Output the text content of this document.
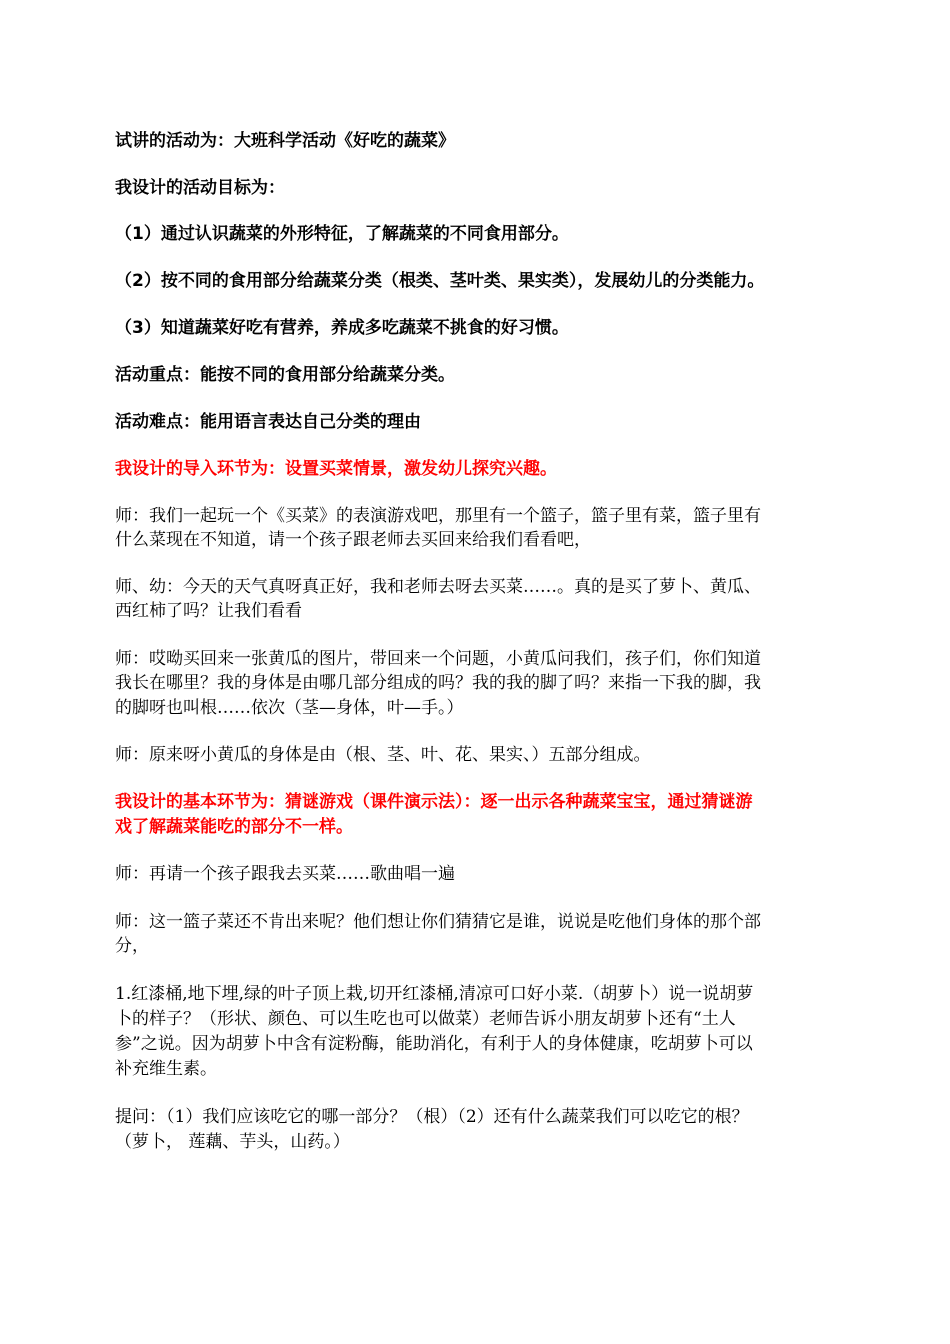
试讲的活动为：大班科学活动《好吃的蔬菜》
我设计的活动目标为：
（1）通过认识蔬菜的外形特征，了解蔬菜的不同食用部分。
（2）按不同的食用部分给蔬菜分类（根类、茎叶类、果实类），发展幼儿的分类能力。
（3）知道蔬菜好吃有营养，养成多吃蔬菜不挑食的好习惯。
活动重点：能按不同的食用部分给蔬菜分类。
活动难点：能用语言表达自己分类的理由
我设计的导入环节为：设置买菜情景，激发幼儿探究兴趣。
师：我们一起玩一个《买菜》的表演游戏吧，那里有一个篮子，篮子里有菜，篮子里有
什么菜现在不知道，请一个孩子跟老师去买回来给我们看看吧，
师、幼：今天的天气真呀真正好，我和老师去呀去买菜……。真的是买了萝卜、黄瓜、
西红柿了吗？让我们看看
师：哎呦买回来一张黄瓜的图片，带回来一个问题，小黄瓜问我们，孩子们，你们知道
我长在哪里？我的身体是由哪几部分组成的吗？我的我的脚了吗？来指一下我的脚，我
的脚呀也叫根……依次（茎—身体，叶—手。）
师：原来呀小黄瓜的身体是由（根、茎、叶、花、果实、）五部分组成。
我设计的基本环节为：猜谜游戏（课件演示法）：逐一出示各种蔬菜宝宝，通过猜谜游
戏了解蔬菜能吃的部分不一样。
师：再请一个孩子跟我去买菜……歌曲唱一遍
师：这一篮子菜还不肯出来呢？他们想让你们猜猜它是谁，说说是吃他们身体的那个部
分，
1.红漆桶,地下埋,绿的叶子顶上栽,切开红漆桶,清凉可口好小菜.（胡萝卜）说一说胡萝
卜的样子？（形状、颜色、可以生吃也可以做菜）老师告诉小朋友胡萝卜还有“土人
参”之说。因为胡萝卜中含有淀粉酶，能助消化，有利于人的身体健康，吃胡萝卜可以
补充维生素。
提问：（1）我们应该吃它的哪一部分？（根）（2）还有什么蔬菜我们可以吃它的根？
（萝卜， 莲藕、芋头，山药。）
